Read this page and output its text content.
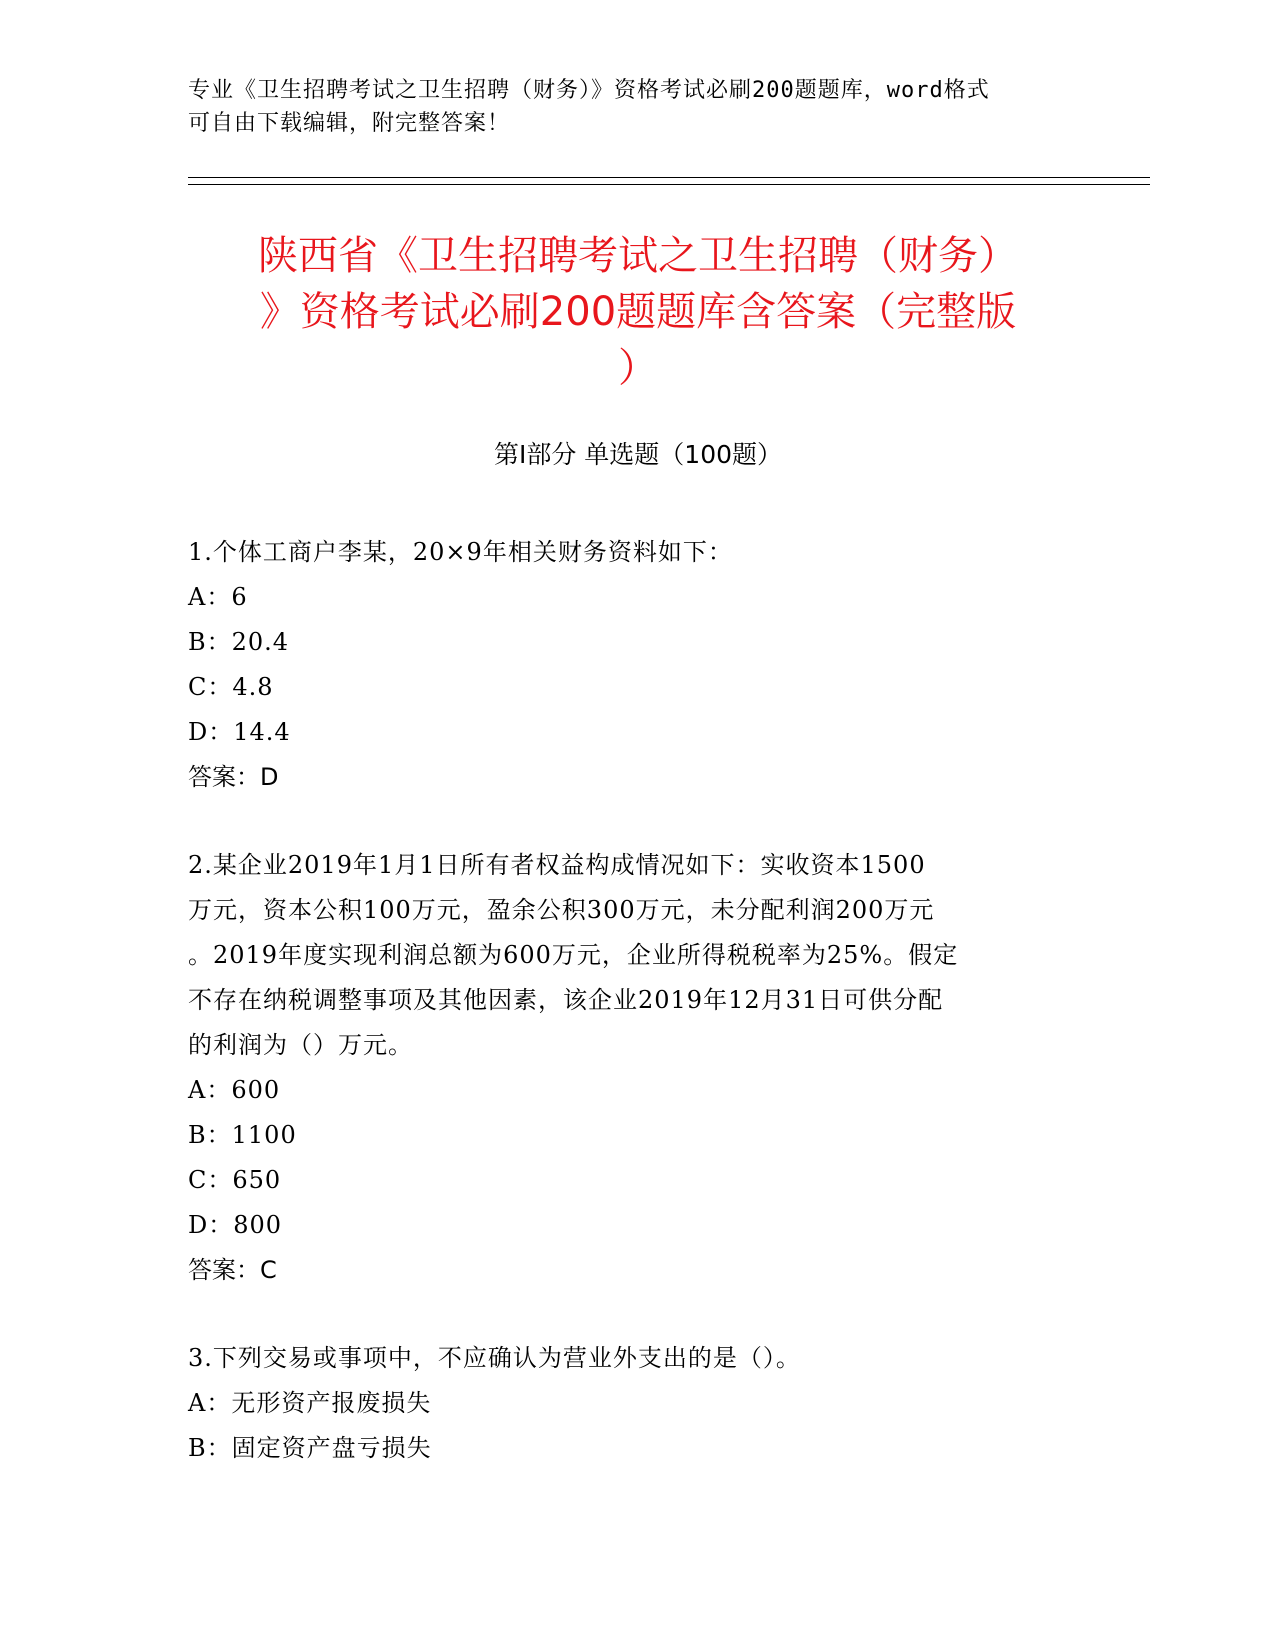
专业《卫生招聘考试之卫生招聘（财务）》资格考试必刷200题题库，word格式
可自由下载编辑，附完整答案！
陕西省《卫生招聘考试之卫生招聘（财务）
》资格考试必刷200题题库含答案（完整版
）
第Ⅰ部分 单选题（100题）
1.个体工商户李某，20×9年相关财务资料如下：
A：6
B：20.4
C：4.8
D：14.4
答案：D
2.某企业2019年1月1日所有者权益构成情况如下：实收资本1500
万元，资本公积100万元，盈余公积300万元，未分配利润200万元
。2019年度实现利润总额为600万元，企业所得税税率为25%。假定
不存在纳税调整事项及其他因素，该企业2019年12月31日可供分配
的利润为（）万元。
A：600
B：1100
C：650
D：800
答案：C
3.下列交易或事项中，不应确认为营业外支出的是（）。
A：无形资产报废损失
B：固定资产盘亏损失
